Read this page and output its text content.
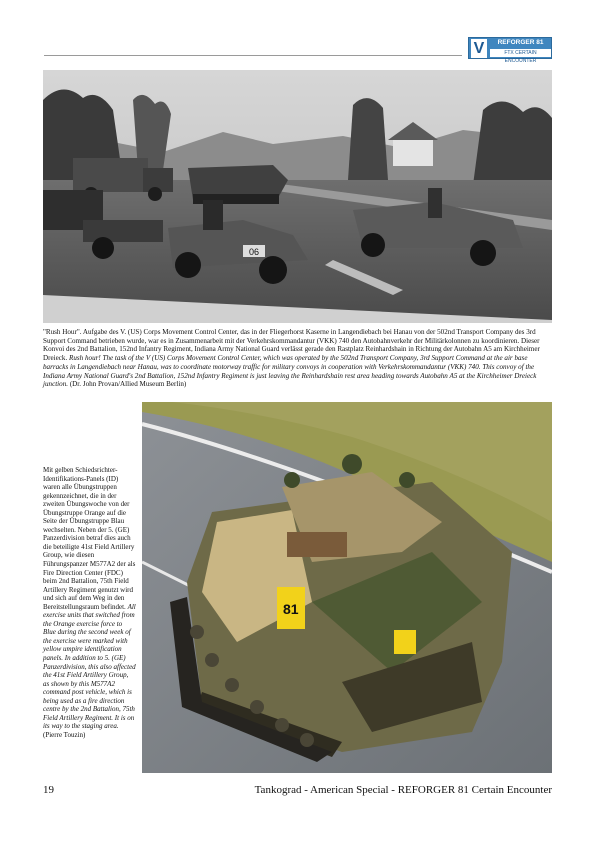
V	REFORGER 81
FTX CERTAIN ENCOUNTER
06

"Rush Hour". Aufgabe des V. (US) Corps Movement Control Center, das in der Fliegerhorst Kaserne in Langendiebach bei Hanau von der 502nd Transport Company des 3rd Support Command betrieben wurde, war es in Zusammenarbeit mit der Verkehrskommandantur (VKK) 740 den Autobahnverkehr der Militärkolonnen zu koordinieren. Dieser Konvoi des 2nd Battalion, 152nd Infantry Regiment, Indiana Army National Guard verlässt gerade den Rastplatz Reinhardshain in Richtung der Autobahn A5 am Kirchheimer Dreieck. Rush hour! The task of the V (US) Corps Movement Control Center, which was operated by the 502nd Transport Company, 3rd Support Command at the air base barracks in Langendiebach near Hanau, was to coordinate motorway traffic for military convoys in cooperation with Verkehrskommandantur (VKK) 740. This convoy of the Indiana Army National Guard's 2nd Battalion, 152nd Infantry Regiment is just leaving the Reinhardshain rest area heading towards Autobahn A5 at the Kirchheimer Dreieck junction. (Dr. John Provan/Allied Museum Berlin)

81

Mit gelben Schiedsrichter-Identifikations-Panels (ID) waren alle Übungstruppen gekennzeichnet, die in der zweiten Übungswoche von der Übungstruppe Orange auf die Seite der Übungstruppe Blau wechselten. Neben der 5. (GE) Panzerdivision betraf dies auch die beteiligte 41st Field Artillery Group, wie diesen Führungspanzer M577A2 der als Fire Direction Center (FDC) beim 2nd Battalion, 75th Field Artillery Regiment genutzt wird und sich auf dem Weg in den Bereitstellungsraum befindet. All exercise units that switched from the Orange exercise force to Blue during the second week of the exercise were marked with yellow umpire identification panels. In addition to 5. (GE) Panzerdivision, this also affected the 41st Field Artillery Group, as shown by this M577A2 command post vehicle, which is being used as a fire direction centre by the 2nd Battalion, 75th Field Artillery Regiment. It is on its way to the staging area. (Pierre Touzin)

19	Tankograd - American Special - REFORGER 81 Certain Encounter
